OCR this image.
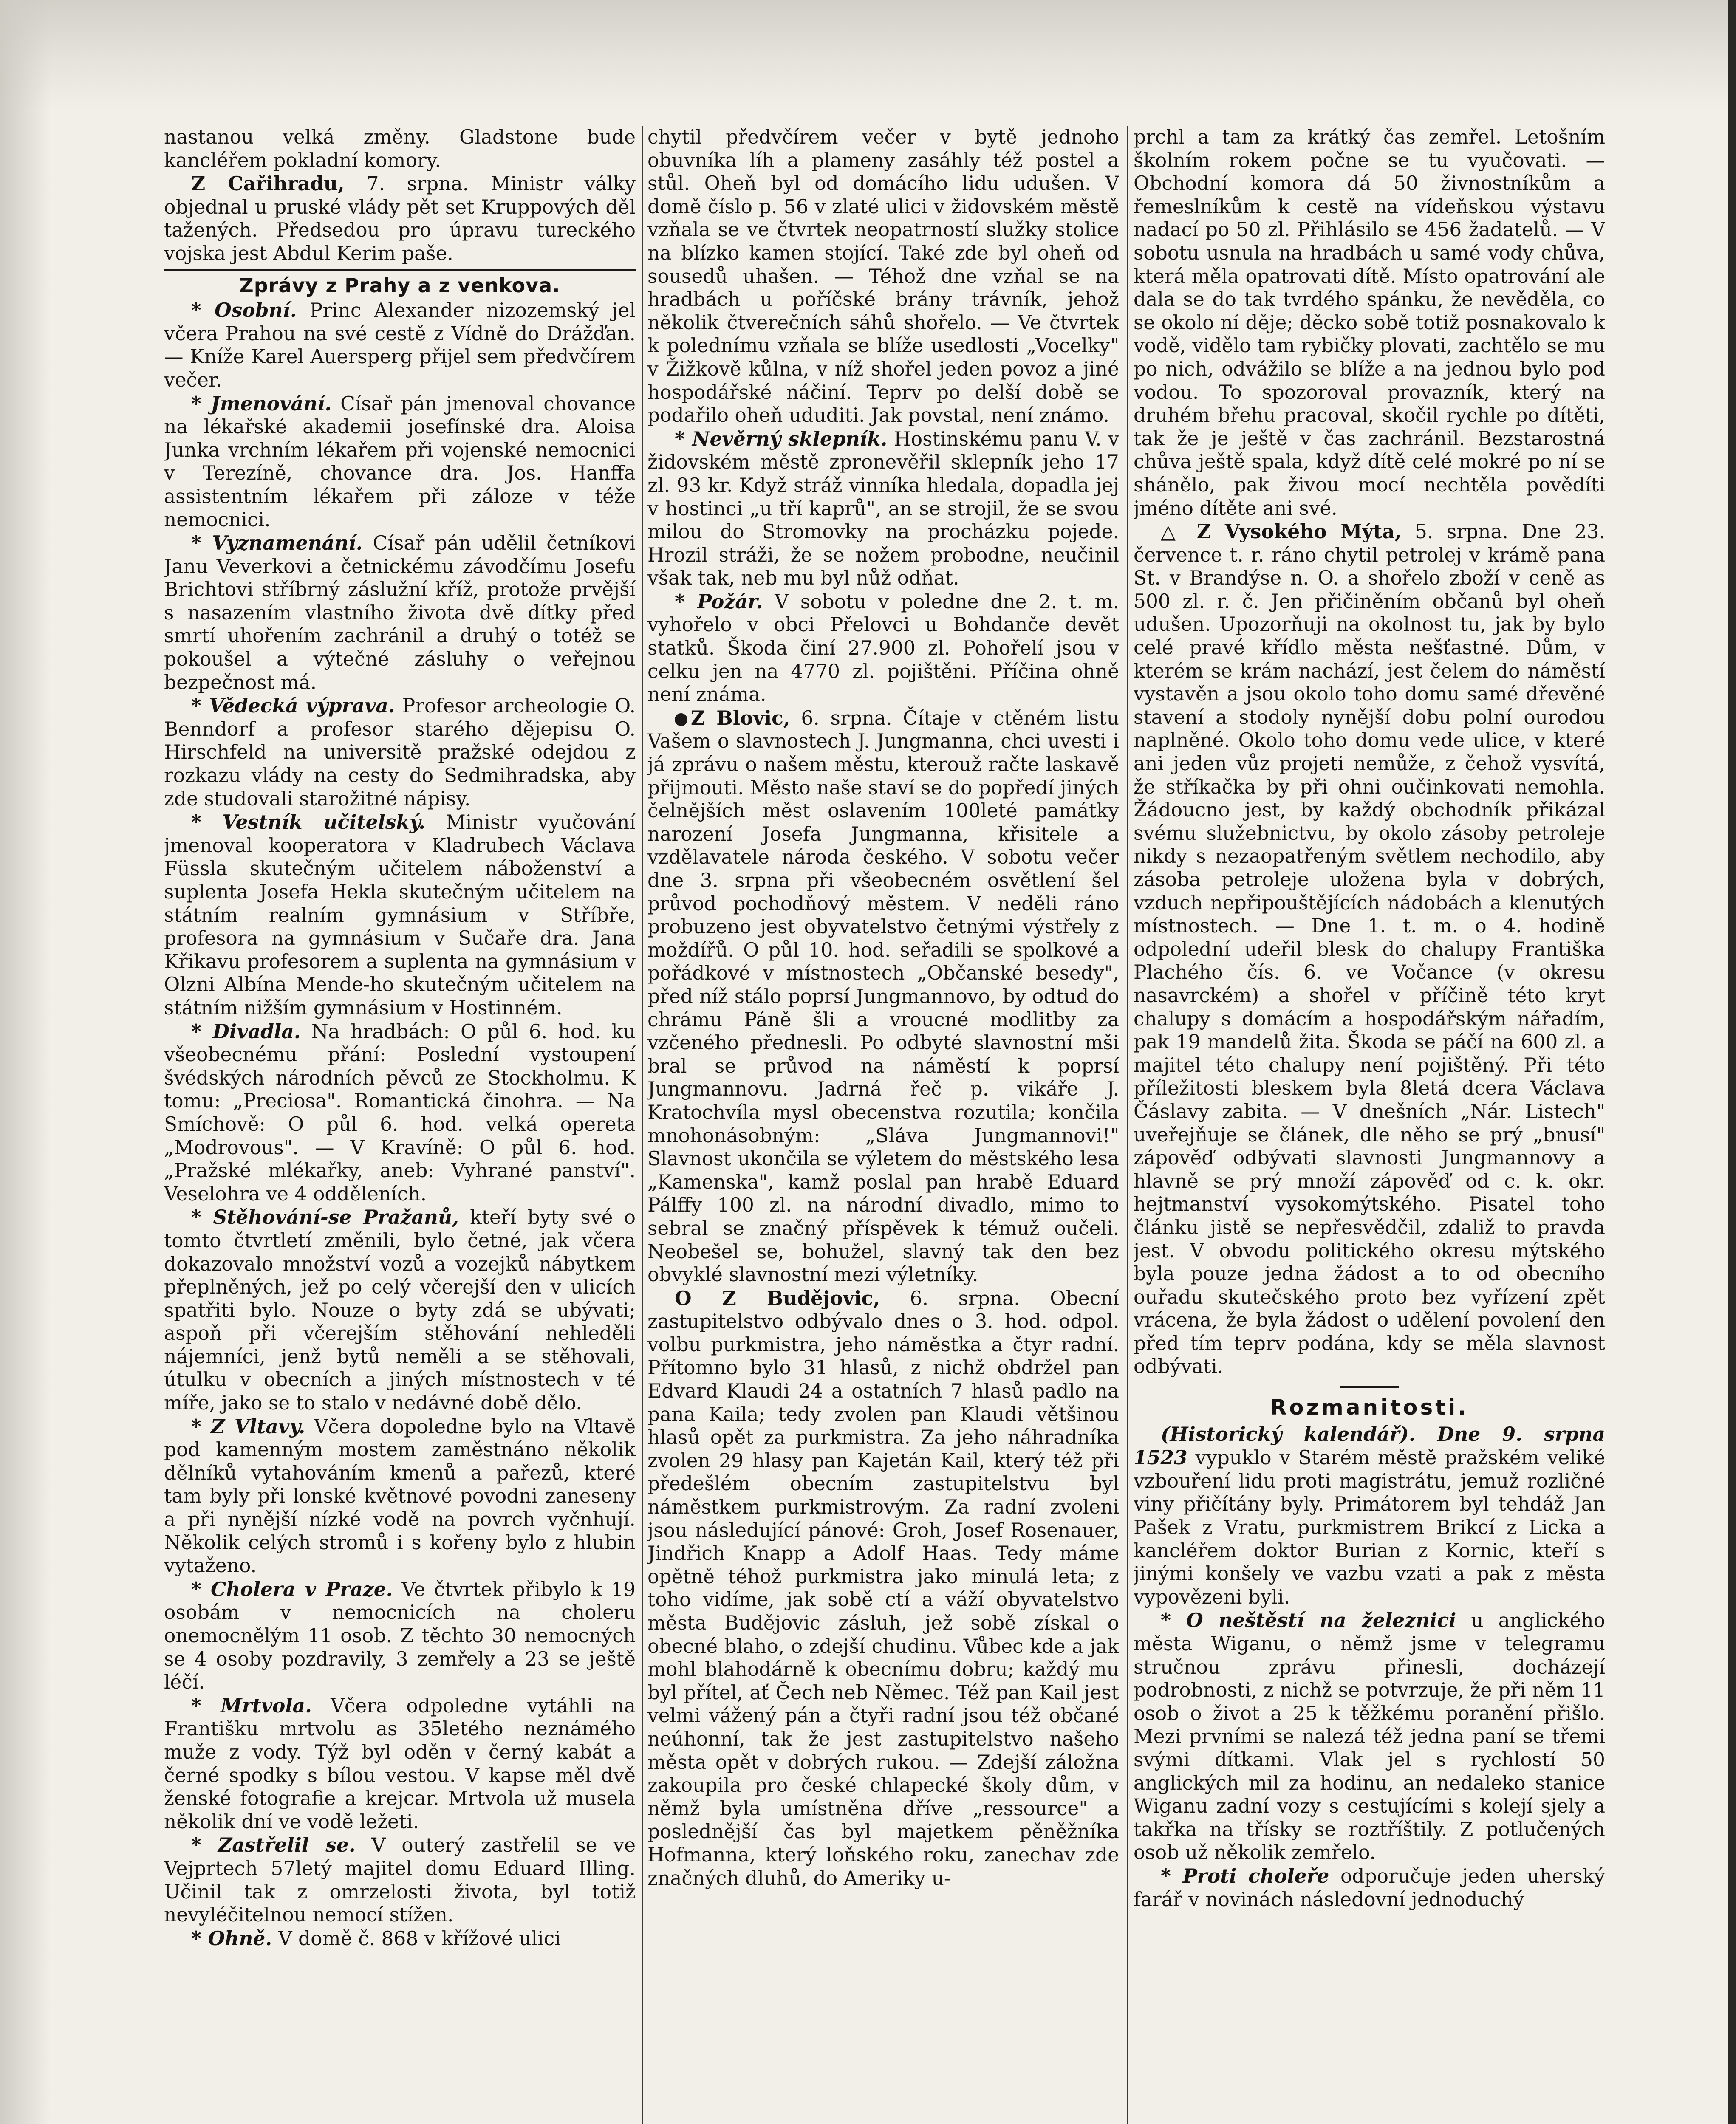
nastanou velká změny. Gladstone bude kancléřem pokladní komory.

Z Cařihradu, 7. srpna. Ministr války objednal u pruské vlády pět set Kruppových děl tažených. Předsedou pro úpravu tureckého vojska jest Abdul Kerim paše.

Zprávy z Prahy a z venkova.

* Osobní. Princ Alexander nizozemský jel včera Prahou na své cestě z Vídně do Drážďan. — Kníže Karel Auersperg přijel sem předvčírem večer.

* Jmenování. Císař pán jmenoval chovance na lékařské akademii josefínské dra. Aloisa Junka vrchním lékařem při vojenské nemocnici v Terezíně, chovance dra. Jos. Hanffa assistentním lékařem při záloze v téže nemocnici.

* Vyznamenání. Císař pán udělil četníkovi Janu Veverkovi a četnickému závodčímu Josefu Brichtovi stříbrný záslužní kříž, protože prvější s nasazením vlastního života dvě dítky před smrtí uhořením zachránil a druhý o totéž se pokoušel a výtečné zásluhy o veřejnou bezpečnost má.

* Vědecká výprava. Profesor archeologie O. Benndorf a profesor starého dějepisu O. Hirschfeld na universitě pražské odejdou z rozkazu vlády na cesty do Sedmihradska, aby zde studovali starožitné nápisy.

* Vestník učitelský. Ministr vyučování jmenoval kooperatora v Kladrubech Václava Füssla skutečným učitelem náboženství a suplenta Josefa Hekla skutečným učitelem na státním realním gymnásium v Stříbře, profesora na gymnásium v Sučaře dra. Jana Křikavu profesorem a suplenta na gymnásium v Olzni Albína Mende-ho skutečným učitelem na státním nižším gymnásium v Hostinném.

* Divadla. Na hradbách: O půl 6. hod. ku všeobecnému přání: Poslední vystoupení švédských národních pěvců ze Stockholmu. K tomu: „Preciosa". Romantická činohra. — Na Smíchově: O půl 6. hod. velká opereta „Modrovous". — V Kravíně: O půl 6. hod. „Pražské mlékařky, aneb: Vyhrané panství". Veselohra ve 4 odděleních.

* Stěhování-se Pražanů, kteří byty své o tomto čtvrtletí změnili, bylo četné, jak včera dokazovalo množství vozů a vozejků nábytkem přeplněných, jež po celý včerejší den v ulicích spatřiti bylo. Nouze o byty zdá se ubývati; aspoň při včerejším stěhování nehleděli nájemníci, jenž bytů neměli a se stěhovali, útulku v obecních a jiných místnostech v té míře, jako se to stalo v nedávné době dělo.

* Z Vltavy. Včera dopoledne bylo na Vltavě pod kamenným mostem zaměstnáno několik dělníků vytahováním kmenů a pařezů, které tam byly při lonské květnové povodni zaneseny a při nynější nízké vodě na povrch vyčnhují. Několik celých stromů i s kořeny bylo z hlubin vytaženo.

* Cholera v Praze. Ve čtvrtek přibylo k 19 osobám v nemocnicích na choleru onemocnělým 11 osob. Z těchto 30 nemocných se 4 osoby pozdravily, 3 zemřely a 23 se ještě léčí.

* Mrtvola. Včera odpoledne vytáhli na Františku mrtvolu as 35letého neznámého muže z vody. Týž byl oděn v černý kabát a černé spodky s bílou vestou. V kapse měl dvě ženské fotografie a krejcar. Mrtvola už musela několik dní ve vodě ležeti.

* Zastřelil se. V outerý zastřelil se ve Vejprtech 57letý majitel domu Eduard Illing. Učinil tak z omrzelosti života, byl totiž nevyléčitelnou nemocí stížen.

* Ohně. V domě č. 868 v křížové ulici

chytil předvčírem večer v bytě jednoho obuvníka líh a plameny zasáhly též postel a stůl. Oheň byl od domácího lidu udušen. V domě číslo p. 56 v zlaté ulici v židovském městě vzňala se ve čtvrtek neopatrností služky stolice na blízko kamen stojící. Také zde byl oheň od sousedů uhašen. — Téhož dne vzňal se na hradbách u poříčské brány trávník, jehož několik čtverečních sáhů shořelo. — Ve čtvrtek k polednímu vzňala se blíže usedlosti „Vocelky" v Žižkově kůlna, v níž shořel jeden povoz a jiné hospodářské náčiní. Teprv po delší době se podařilo oheň ududiti. Jak povstal, není známo.

* Nevěrný sklepník. Hostinskému panu V. v židovském městě zpronevěřil sklepník jeho 17 zl. 93 kr. Když stráž vinníka hledala, dopadla jej v hostinci „u tří kaprů", an se strojil, že se svou milou do Stromovky na procházku pojede. Hrozil stráži, že se nožem probodne, neučinil však tak, neb mu byl nůž odňat.

* Požár. V sobotu v poledne dne 2. t. m. vyhořelo v obci Přelovci u Bohdanče devět statků. Škoda činí 27.900 zl. Pohořelí jsou v celku jen na 4770 zl. pojištěni. Příčina ohně není známa.

Z Blovic, 6. srpna. Čítaje v ctěném listu Vašem o slavnostech J. Jungmanna, chci uvesti i já zprávu o našem městu, kterouž račte laskavě přijmouti. Město naše staví se do popředí jiných čelnějších měst oslavením 100leté památky narození Josefa Jungmanna, křisitele a vzdělavatele národa českého. V sobotu večer dne 3. srpna při všeobecném osvětlení šel průvod pochodňový městem. V neděli ráno probuzeno jest obyvatelstvo četnými výstřely z moždířů. O půl 10. hod. seřadili se spolkové a pořádkové v místnostech „Občanské besedy", před níž stálo poprsí Jungmannovo, by odtud do chrámu Páně šli a vroucné modlitby za vzčeného přednesli. Po odbyté slavnostní mši bral se průvod na náměstí k poprsí Jungmannovu. Jadrná řeč p. vikáře J. Kratochvíla mysl obecenstva rozutila; končila mnohonásobným: „Sláva Jungmannovi!" Slavnost ukončila se výletem do městského lesa „Kamenska", kamž poslal pan hrabě Eduard Pálffy 100 zl. na národní divadlo, mimo to sebral se značný příspěvek k témuž oučeli. Neobešel se, bohužel, slavný tak den bez obvyklé slavnostní mezi výletníky.

O Z Budějovic, 6. srpna. Obecní zastupitelstvo odbývalo dnes o 3. hod. odpol. volbu purkmistra, jeho náměstka a čtyr radní. Přítomno bylo 31 hlasů, z nichž obdržel pan Edvard Klaudi 24 a ostatních 7 hlasů padlo na pana Kaila; tedy zvolen pan Klaudi většinou hlasů opět za purkmistra. Za jeho náhradníka zvolen 29 hlasy pan Kajetán Kail, který též při předešlém obecním zastupitelstvu byl náměstkem purkmistrovým. Za radní zvoleni jsou následující pánové: Groh, Josef Rosenauer, Jindřich Knapp a Adolf Haas. Tedy máme opětně téhož purkmistra jako minulá leta; z toho vidíme, jak sobě ctí a váží obyvatelstvo města Budějovic zásluh, jež sobě získal o obecné blaho, o zdejší chudinu. Vůbec kde a jak mohl blahodárně k obecnímu dobru; každý mu byl přítel, ať Čech neb Němec. Též pan Kail jest velmi vážený pán a čtyři radní jsou též občané neúhonní, tak že jest zastupitelstvo našeho města opět v dobrých rukou. — Zdejší záložna zakoupila pro české chlapecké školy dům, v němž byla umístněna dříve „ressource" a poslednější čas byl majetkem pěněžníka Hofmanna, který loňského roku, zanechav zde značných dluhů, do Ameriky u-

prchl a tam za krátký čas zemřel. Letošním školním rokem počne se tu vyučovati. — Obchodní komora dá 50 živnostníkům a řemeslníkům k cestě na vídeňskou výstavu nadací po 50 zl. Přihlásilo se 456 žadatelů. — V sobotu usnula na hradbách u samé vody chůva, která měla opatrovati dítě. Místo opatrování ale dala se do tak tvrdého spánku, že nevěděla, co se okolo ní děje; děcko sobě totiž posnakovalo k vodě, vidělo tam rybičky plovati, zachtělo se mu po nich, odvážilo se blíže a na jednou bylo pod vodou. To spozoroval provazník, který na druhém břehu pracoval, skočil rychle po dítěti, tak že je ještě v čas zachránil. Bezstarostná chůva ještě spala, když dítě celé mokré po ní se shánělo, pak živou mocí nechtěla povědíti jméno dítěte ani své.

△ Z Vysokého Mýta, 5. srpna. Dne 23. července t. r. ráno chytil petrolej v krámě pana St. v Brandýse n. O. a shořelo zboží v ceně as 500 zl. r. č. Jen přičiněním občanů byl oheň udušen. Upozorňuji na okolnost tu, jak by bylo celé pravé křídlo města nešťastné. Dům, v kterém se krám nachází, jest čelem do náměstí vystavěn a jsou okolo toho domu samé dřevěné stavení a stodoly nynější dobu polní ourodou naplněné. Okolo toho domu vede ulice, v které ani jeden vůz projeti nemůže, z čehož vysvítá, že stříkačka by při ohni oučinkovati nemohla. Žádoucno jest, by každý obchodník přikázal svému služebnictvu, by okolo zásoby petroleje nikdy s nezaopatřeným světlem nechodilo, aby zásoba petroleje uložena byla v dobrých, vzduch nepřipouštějících nádobách a klenutých místnostech. — Dne 1. t. m. o 4. hodině odpolední udeřil blesk do chalupy Františka Plachého čís. 6. ve Vočance (v okresu nasavrckém) a shořel v příčině této kryt chalupy s domácím a hospodářským nářadím, pak 19 mandelů žita. Škoda se páčí na 600 zl. a majitel této chalupy není pojištěný. Při této příležitosti bleskem byla 8letá dcera Václava Čáslavy zabita. — V dnešních „Nár. Listech" uveřejňuje se článek, dle něho se prý „bnusí" zápověď odbývati slavnosti Jungmannovy a hlavně se prý množí zápověď od c. k. okr. hejtmanství vysokomýtského. Pisatel toho článku jistě se nepřesvědčil, zdaliž to pravda jest. V obvodu politického okresu mýtského byla pouze jedna žádost a to od obecního ouřadu skutečského proto bez vyřízení zpět vrácena, že byla žádost o udělení povolení den před tím teprv podána, kdy se měla slavnost odbývati.

Rozmanitosti.

(Historický kalendář). Dne 9. srpna 1523 vypuklo v Starém městě pražském veliké vzbouření lidu proti magistrátu, jemuž rozličné viny přičítány byly. Primátorem byl tehdáž Jan Pašek z Vratu, purkmistrem Brikcí z Licka a kancléřem doktor Burian z Kornic, kteří s jinými konšely ve vazbu vzati a pak z města vypovězeni byli.

* O neštěstí na železnici u anglického města Wiganu, o němž jsme v telegramu stručnou zprávu přinesli, docházejí podrobnosti, z nichž se potvrzuje, že při něm 11 osob o život a 25 k těžkému poranění přišlo. Mezi prvními se nalezá též jedna paní se třemi svými dítkami. Vlak jel s rychlostí 50 anglických mil za hodinu, an nedaleko stanice Wiganu zadní vozy s cestujícími s kolejí sjely a takřka na třísky se roztříštily. Z potlučených osob už několik zemřelo.

* Proti choleře odporučuje jeden uherský farář v novinách následovní jednoduchý
